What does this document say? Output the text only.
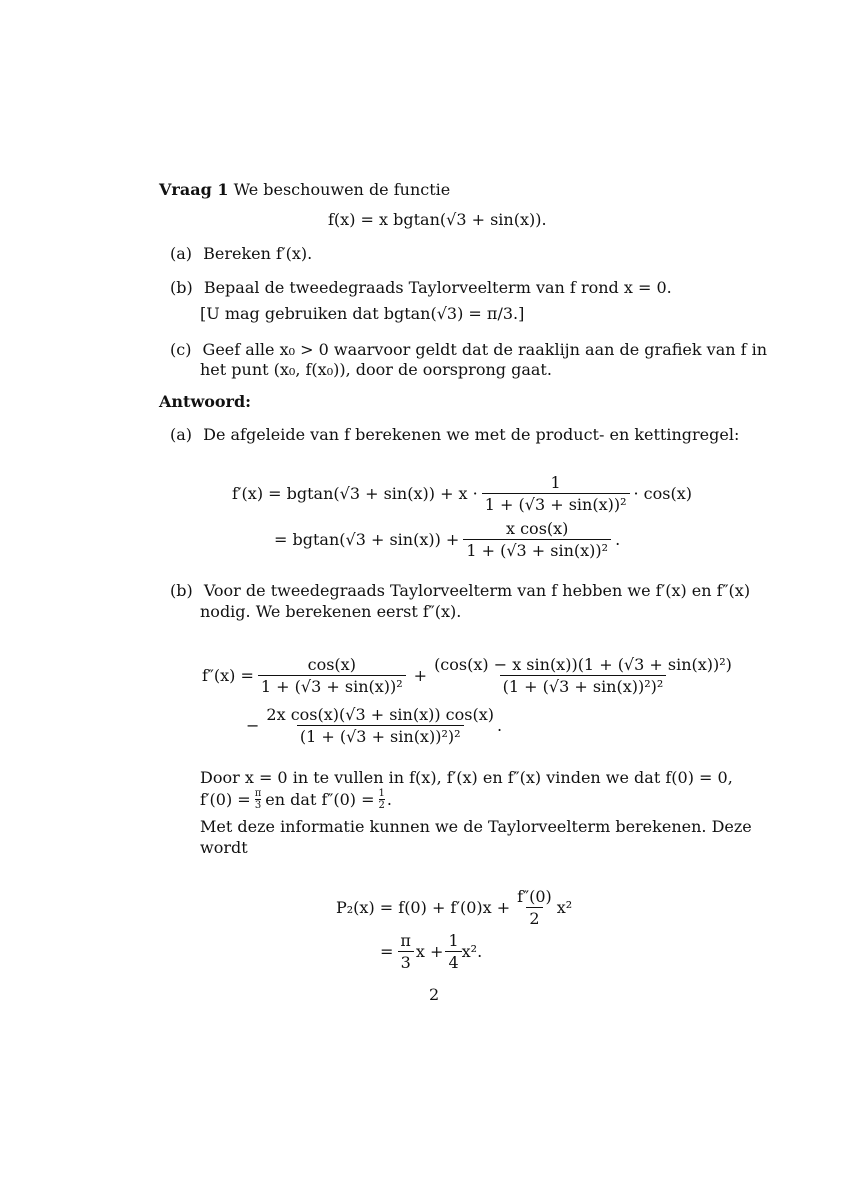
Vraag 1 We beschouwen de functie
f(x) = x bgtan(√3 + sin(x)).
(a) Bereken f′(x).
(b) Bepaal de tweedegraads Taylorveelterm van f rond x = 0.
[U mag gebruiken dat bgtan(√3) = π/3.]
(c) Geef alle x₀ > 0 waarvoor geldt dat de raaklijn aan de grafiek van f in
het punt (x₀, f(x₀)), door de oorsprong gaat.
Antwoord:
(a) De afgeleide van f berekenen we met de product- en kettingregel:
$f'(x) = bgtan(√3 + \sin(x)) + x \cdot \frac{1}{\text{1 + (√3 + sin(x))²}} \cdot \cos(x)$
= $bgtan(√3 + \sin(x)) + \frac{\text{x cos(x)}}{\text{1 + (√3 + sin(x))²}}$ .
(b) Voor de tweedegraads Taylorveelterm van f hebben we f′(x) en f″(x)
nodig. We berekenen eerst f″(x).
$f''(x) = \frac{\cos(x)}{\text{1 + (√3 + sin(x))²}} + \frac{\text{(cos(x) − x sin(x))(1 + (√3 + sin(x))²)}}{\text{(1 + (√3 + sin(x))²)²}}$
− $\frac{\text{2x cos(x)(√3 + sin(x)) cos(x)}}{\text{(1 + (√3 + sin(x))²)²}}$ .
Door x = 0 in te vullen in f(x), f′(x) en f″(x) vinden we dat f(0) = 0,
$f'(0) = \frac{\pi}{3}$ en dat $f''(0) = \frac{1}{2}$ .
Met deze informatie kunnen we de Taylorveelterm berekenen. Deze
wordt
$P_2(x) = f(0) + f'(0)x + \frac{f''(0)}{2} x^2$
= $\frac{\pi}{3}$ $x + \frac{1}{4} x^2$.
2
